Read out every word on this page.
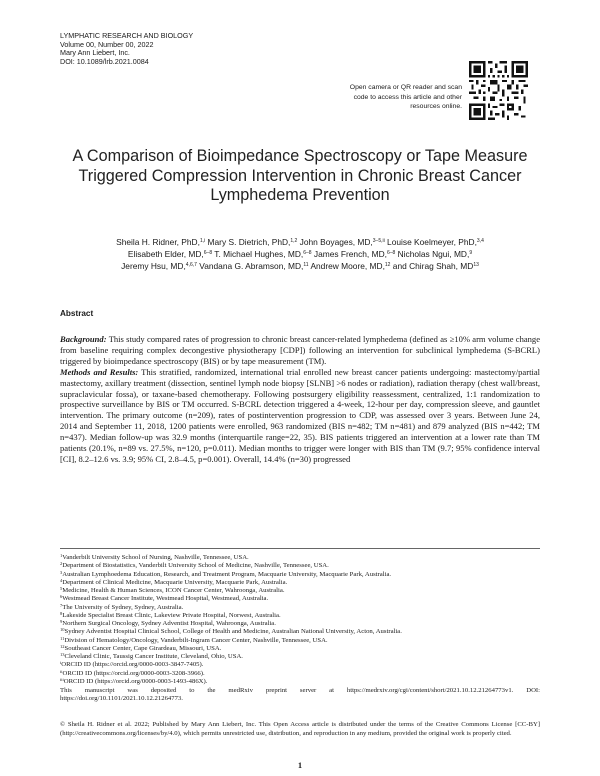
LYMPHATIC RESEARCH AND BIOLOGY
Volume 00, Number 00, 2022
Mary Ann Liebert, Inc.
DOI: 10.1089/lrb.2021.0084
Open camera or QR reader and scan code to access this article and other resources online.
A Comparison of Bioimpedance Spectroscopy or Tape Measure Triggered Compression Intervention in Chronic Breast Cancer Lymphedema Prevention
Sheila H. Ridner, PhD,$^{1,i}$ Mary S. Dietrich, PhD,$^{1,2}$ John Boyages, MD,$^{3-5,ii}$ Louise Koelmeyer, PhD,$^{3,4}$
Elisabeth Elder, MD,$^{6-8}$ T. Michael Hughes, MD,$^{6-8}$ James French, MD,$^{6-8}$ Nicholas Ngui, MD,$^9$
Jeremy Hsu, MD,$^{4,6,7}$ Vandana G. Abramson, MD,$^{11}$ Andrew Moore, MD,$^{12}$ and Chirag Shah, MD$^{13}$
Abstract

Background: This study compared rates of progression to chronic breast cancer-related lymphedema (defined as ≥10% arm volume change from baseline requiring complex decongestive physiotherapy [CDP]) following an intervention for subclinical lymphedema (S-BCRL) triggered by bioimpedance spectroscopy (BIS) or by tape measurement (TM).

Methods and Results: This stratified, randomized, international trial enrolled new breast cancer patients undergoing: mastectomy/partial mastectomy, axillary treatment (dissection, sentinel lymph node biopsy [SLNB] >6 nodes or radiation), radiation therapy (chest wall/breast, supraclavicular fossa), or taxane-based chemotherapy. Following postsurgery eligibility reassessment, centralized, 1:1 randomization to prospective surveillance by BIS or TM occurred. S-BCRL detection triggered a 4-week, 12-hour per day, compression sleeve, and gauntlet intervention. The primary outcome (n=209), rates of postintervention progression to CDP, was assessed over 3 years. Between June 24, 2014 and September 11, 2018, 1200 patients were enrolled, 963 randomized (BIS n=482; TM n=481) and 879 analyzed (BIS n=442; TM n=437). Median follow-up was 32.9 months (interquartile range=22, 35). BIS patients triggered an intervention at a lower rate than TM patients (20.1%, n=89 vs. 27.5%, n=120, p=0.011). Median months to trigger were longer with BIS than TM (9.7; 95% confidence interval [CI], 8.2–12.6 vs. 3.9; 95% CI, 2.8–4.5, p=0.001). Overall, 14.4% (n=30) progressed

$^1$Vanderbilt University School of Nursing, Nashville, Tennessee, USA.
$^2$Department of Biostatistics, Vanderbilt University School of Medicine, Nashville, Tennessee, USA.
$^3$Australian Lymphoedema Education, Research, and Treatment Program, Macquarie University, Macquarie Park, Australia.
$^4$Department of Clinical Medicine, Macquarie University, Macquarie Park, Australia.
$^5$Medicine, Health & Human Sciences, ICON Cancer Center, Wahroonga, Australia.
$^6$Westmead Breast Cancer Institute, Westmead Hospital, Westmead, Australia.
$^7$The University of Sydney, Sydney, Australia.
$^8$Lakeside Specialist Breast Clinic, Lakeview Private Hospital, Norwest, Australia.
$^9$Northern Surgical Oncology, Sydney Adventist Hospital, Wahroonga, Australia.
$^{10}$Sydney Adventist Hospital Clinical School, College of Health and Medicine, Australian National University, Acton, Australia.
$^{11}$Division of Hematology/Oncology, Vanderbilt-Ingram Cancer Center, Nashville, Tennessee, USA.
$^{12}$Southeast Cancer Center, Cape Girardeau, Missouri, USA.
$^{13}$Cleveland Clinic, Taussig Cancer Institute, Cleveland, Ohio, USA.
$^i$ORCID ID (https://orcid.org/0000-0003-3847-7405).
$^{ii}$ORCID ID (https://orcid.org/0000-0003-3208-3966).
$^{iii}$ORCID ID (https://orcid.org/0000-0003-1493-486X).
This manuscript was deposited to the medRxiv preprint server at https://medrxiv.org/cgi/content/short/2021.10.12.21264773v1. DOI: https://doi.org/10.1101/2021.10.12.21264773.
© Sheila H. Ridner et al. 2022; Published by Mary Ann Liebert, Inc. This Open Access article is distributed under the terms of the Creative Commons License [CC-BY] (http://creativecommons.org/licenses/by/4.0), which permits unrestricted use, distribution, and reproduction in any medium, provided the original work is properly cited.
1
